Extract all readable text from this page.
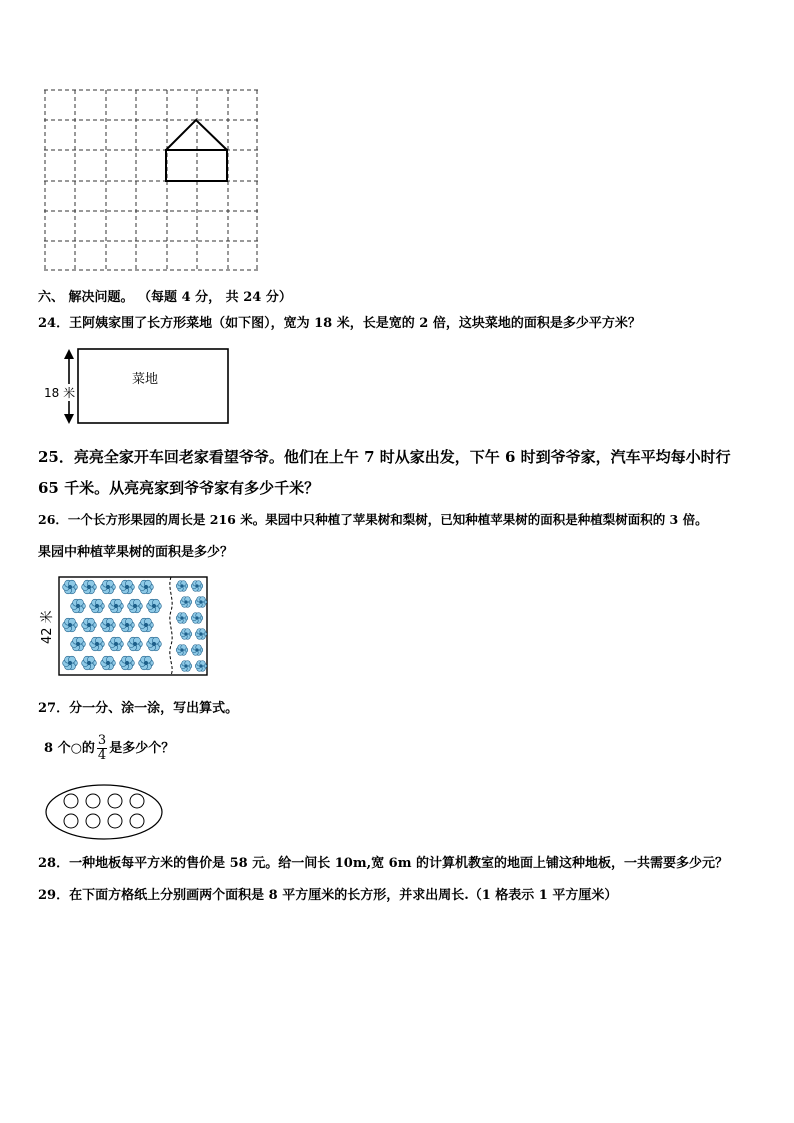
六、 解决问题。 （每题 4 分， 共 24 分）
24．王阿姨家围了长方形菜地（如下图），宽为 18 米，长是宽的 2 倍，这块菜地的面积是多少平方米？
菜地
18 米
25．亮亮全家开车回老家看望爷爷。他们在上午 7 时从家出发，下午 6 时到爷爷家，汽车平均每小时行
65 千米。从亮亮家到爷爷家有多少千米？
26．一个长方形果园的周长是 216 米。果园中只种植了苹果树和梨树，已知种植苹果树的面积是种植梨树面积的 3 倍。
果园中种植苹果树的面积是多少？
42 米
27．分一分、涂一涂，写出算式。
8 个○的 $\frac{3}{4}$ 是多少个？
28．一种地板每平方米的售价是 58 元。给一间长 10m,宽 6m 的计算机教室的地面上铺这种地板，一共需要多少元？
29．在下面方格纸上分别画两个面积是 8 平方厘米的长方形，并求出周长.（1 格表示 1 平方厘米）
